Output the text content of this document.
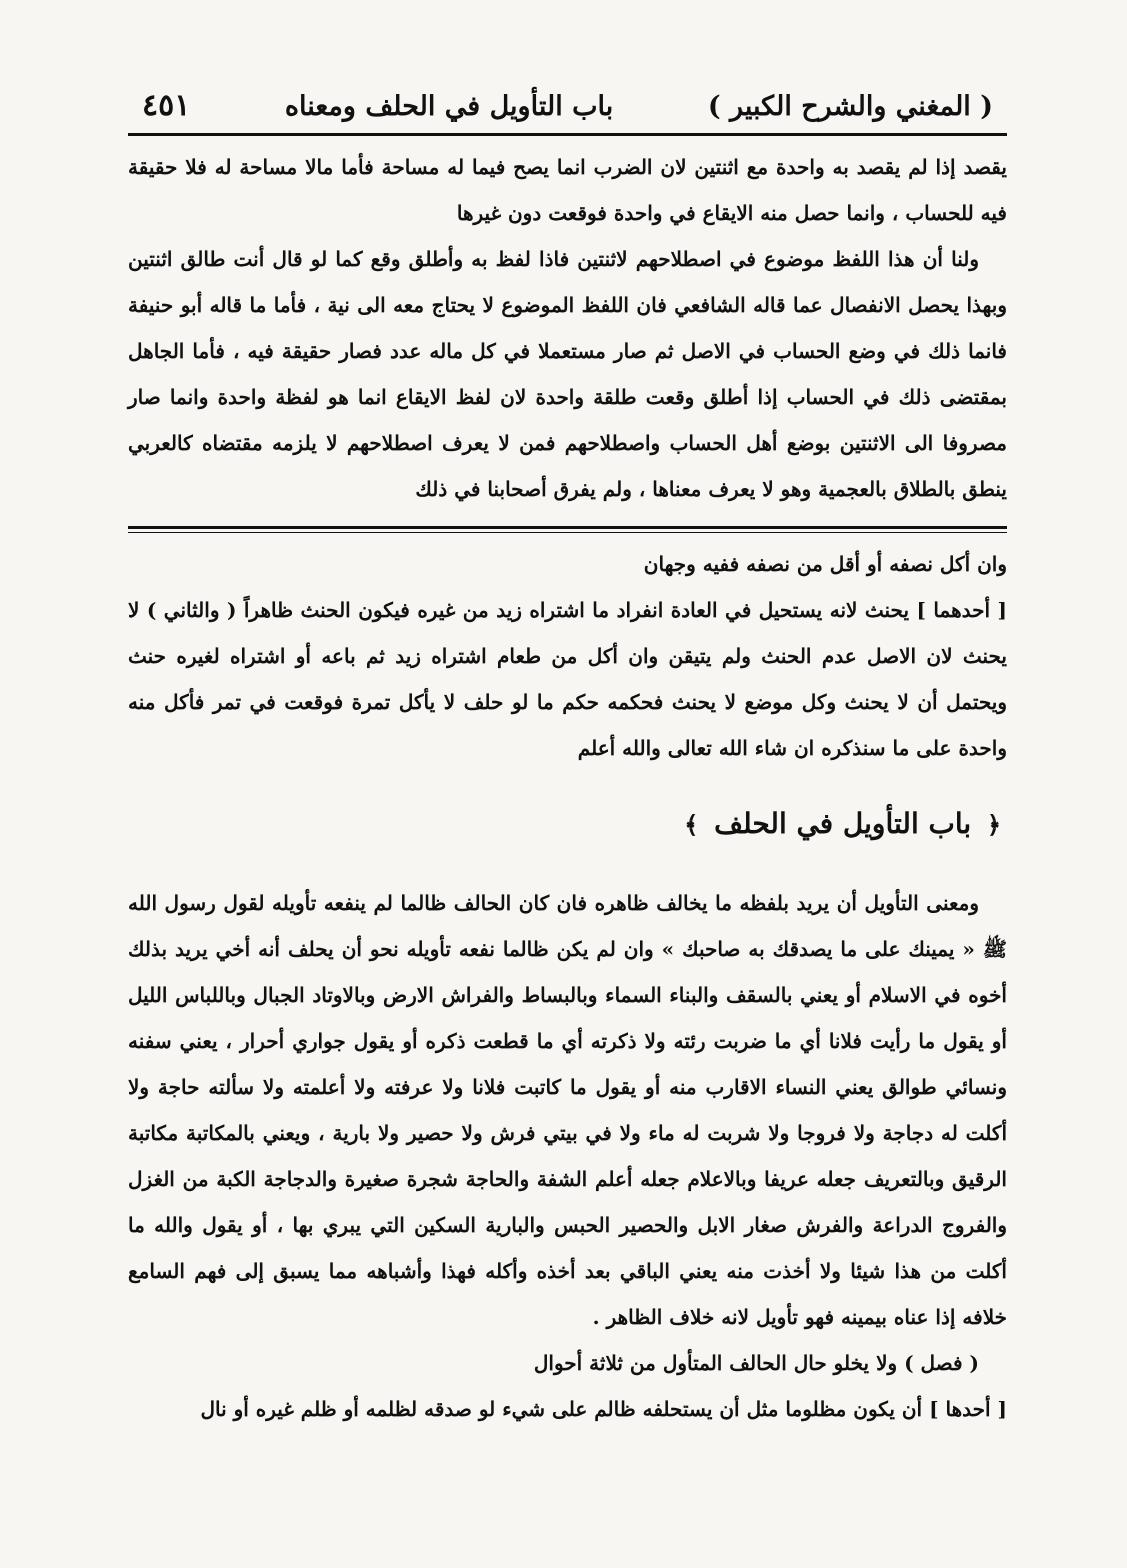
( المغني والشرح الكبير )
باب التأويل في الحلف ومعناه
٤٥١

يقصد إذا لم يقصد به واحدة مع اثنتين لان الضرب انما يصح فيما له مساحة فأما مالا مساحة له فلا حقيقة فيه للحساب ، وانما حصل منه الايقاع في واحدة فوقعت دون غيرها

ولنا أن هذا اللفظ موضوع في اصطلاحهم لاثنتين فاذا لفظ به وأطلق وقع كما لو قال أنت طالق اثنتين وبهذا يحصل الانفصال عما قاله الشافعي فان اللفظ الموضوع لا يحتاج معه الى نية ، فأما ما قاله أبو حنيفة فانما ذلك في وضع الحساب في الاصل ثم صار مستعملا في كل ماله عدد فصار حقيقة فيه ، فأما الجاهل بمقتضى ذلك في الحساب إذا أطلق وقعت طلقة واحدة لان لفظ الايقاع انما هو لفظة واحدة وانما صار مصروفا الى الاثنتين بوضع أهل الحساب واصطلاحهم فمن لا يعرف اصطلاحهم لا يلزمه مقتضاه كالعربي ينطق بالطلاق بالعجمية وهو لا يعرف معناها ، ولم يفرق أصحابنا في ذلك

وان أكل نصفه أو أقل من نصفه ففيه وجهان

[ أحدهما ] يحنث لانه يستحيل في العادة انفراد ما اشتراه زيد من غيره فيكون الحنث ظاهراً ( والثاني ) لا يحنث لان الاصل عدم الحنث ولم يتيقن وان أكل من طعام اشتراه زيد ثم باعه أو اشتراه لغيره حنث ويحتمل أن لا يحنث وكل موضع لا يحنث فحكمه حكم ما لو حلف لا يأكل تمرة فوقعت في تمر فأكل منه واحدة على ما سنذكره ان شاء الله تعالى والله أعلم

﴿ باب التأويل في الحلف ﴾

ومعنى التأويل أن يريد بلفظه ما يخالف ظاهره فان كان الحالف ظالما لم ينفعه تأويله لقول رسول الله ﷺ « يمينك على ما يصدقك به صاحبك » وان لم يكن ظالما نفعه تأويله نحو أن يحلف أنه أخي يريد بذلك أخوه في الاسلام أو يعني بالسقف والبناء السماء وبالبساط والفراش الارض وبالاوتاد الجبال وباللباس الليل أو يقول ما رأيت فلانا أي ما ضربت رئته ولا ذكرته أي ما قطعت ذكره أو يقول جواري أحرار ، يعني سفنه ونسائي طوالق يعني النساء الاقارب منه أو يقول ما كاتبت فلانا ولا عرفته ولا أعلمته ولا سألته حاجة ولا أكلت له دجاجة ولا فروجا ولا شربت له ماء ولا في بيتي فرش ولا حصير ولا بارية ، ويعني بالمكاتبة مكاتبة الرقيق وبالتعريف جعله عريفا وبالاعلام جعله أعلم الشفة والحاجة شجرة صغيرة والدجاجة الكبة من الغزل والفروج الدراعة والفرش صغار الابل والحصير الحبس والبارية السكين التي يبري بها ، أو يقول والله ما أكلت من هذا شيئا ولا أخذت منه يعني الباقي بعد أخذه وأكله فهذا وأشباهه مما يسبق إلى فهم السامع خلافه إذا عناه بيمينه فهو تأويل لانه خلاف الظاهر .

( فصل ) ولا يخلو حال الحالف المتأول من ثلاثة أحوال

[ أحدها ] أن يكون مظلوما مثل أن يستحلفه ظالم على شيء لو صدقه لظلمه أو ظلم غيره أو نال
